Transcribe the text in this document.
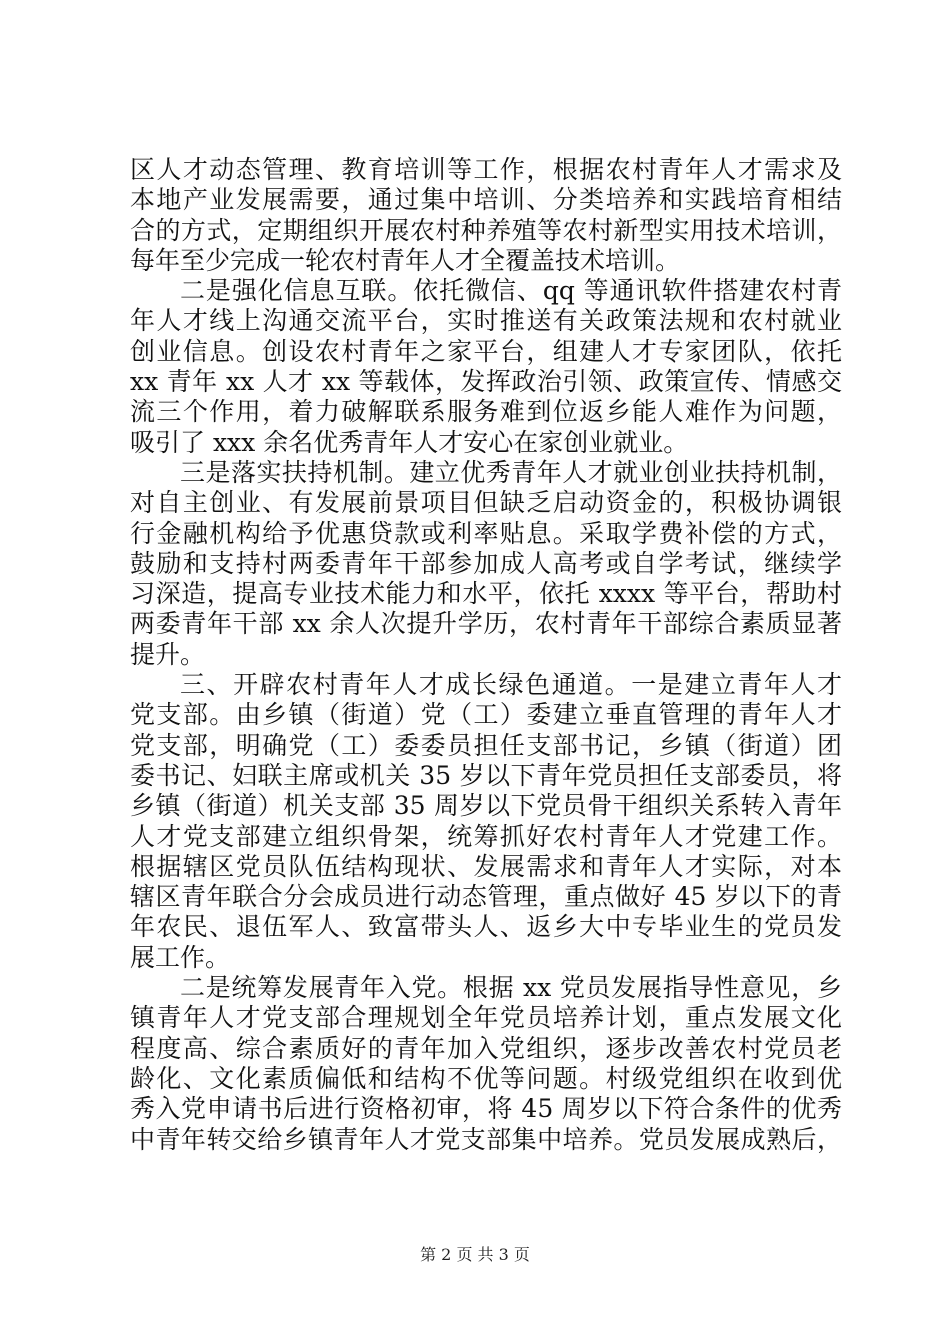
区人才动态管理、教育培训等工作，根据农村青年人才需求及
本地产业发展需要，通过集中培训、分类培养和实践培育相结
合的方式，定期组织开展农村种养殖等农村新型实用技术培训，
每年至少完成一轮农村青年人才全覆盖技术培训。
二是强化信息互联。依托微信、qq 等通讯软件搭建农村青
年人才线上沟通交流平台，实时推送有关政策法规和农村就业
创业信息。创设农村青年之家平台，组建人才专家团队，依托
xx 青年 xx 人才 xx 等载体，发挥政治引领、政策宣传、情感交
流三个作用，着力破解联系服务难到位返乡能人难作为问题，
吸引了 xxx 余名优秀青年人才安心在家创业就业。
三是落实扶持机制。建立优秀青年人才就业创业扶持机制，
对自主创业、有发展前景项目但缺乏启动资金的，积极协调银
行金融机构给予优惠贷款或利率贴息。采取学费补偿的方式，
鼓励和支持村两委青年干部参加成人高考或自学考试，继续学
习深造，提高专业技术能力和水平，依托 xxxx 等平台，帮助村
两委青年干部 xx 余人次提升学历，农村青年干部综合素质显著
提升。
三、开辟农村青年人才成长绿色通道。一是建立青年人才
党支部。由乡镇（街道）党（工）委建立垂直管理的青年人才
党支部，明确党（工）委委员担任支部书记，乡镇（街道）团
委书记、妇联主席或机关 35 岁以下青年党员担任支部委员，将
乡镇（街道）机关支部 35 周岁以下党员骨干组织关系转入青年
人才党支部建立组织骨架，统筹抓好农村青年人才党建工作。
根据辖区党员队伍结构现状、发展需求和青年人才实际，对本
辖区青年联合分会成员进行动态管理，重点做好 45 岁以下的青
年农民、退伍军人、致富带头人、返乡大中专毕业生的党员发
展工作。
二是统筹发展青年入党。根据 xx 党员发展指导性意见，乡
镇青年人才党支部合理规划全年党员培养计划，重点发展文化
程度高、综合素质好的青年加入党组织，逐步改善农村党员老
龄化、文化素质偏低和结构不优等问题。村级党组织在收到优
秀入党申请书后进行资格初审，将 45 周岁以下符合条件的优秀
中青年转交给乡镇青年人才党支部集中培养。党员发展成熟后，
第 2 页 共 3 页
